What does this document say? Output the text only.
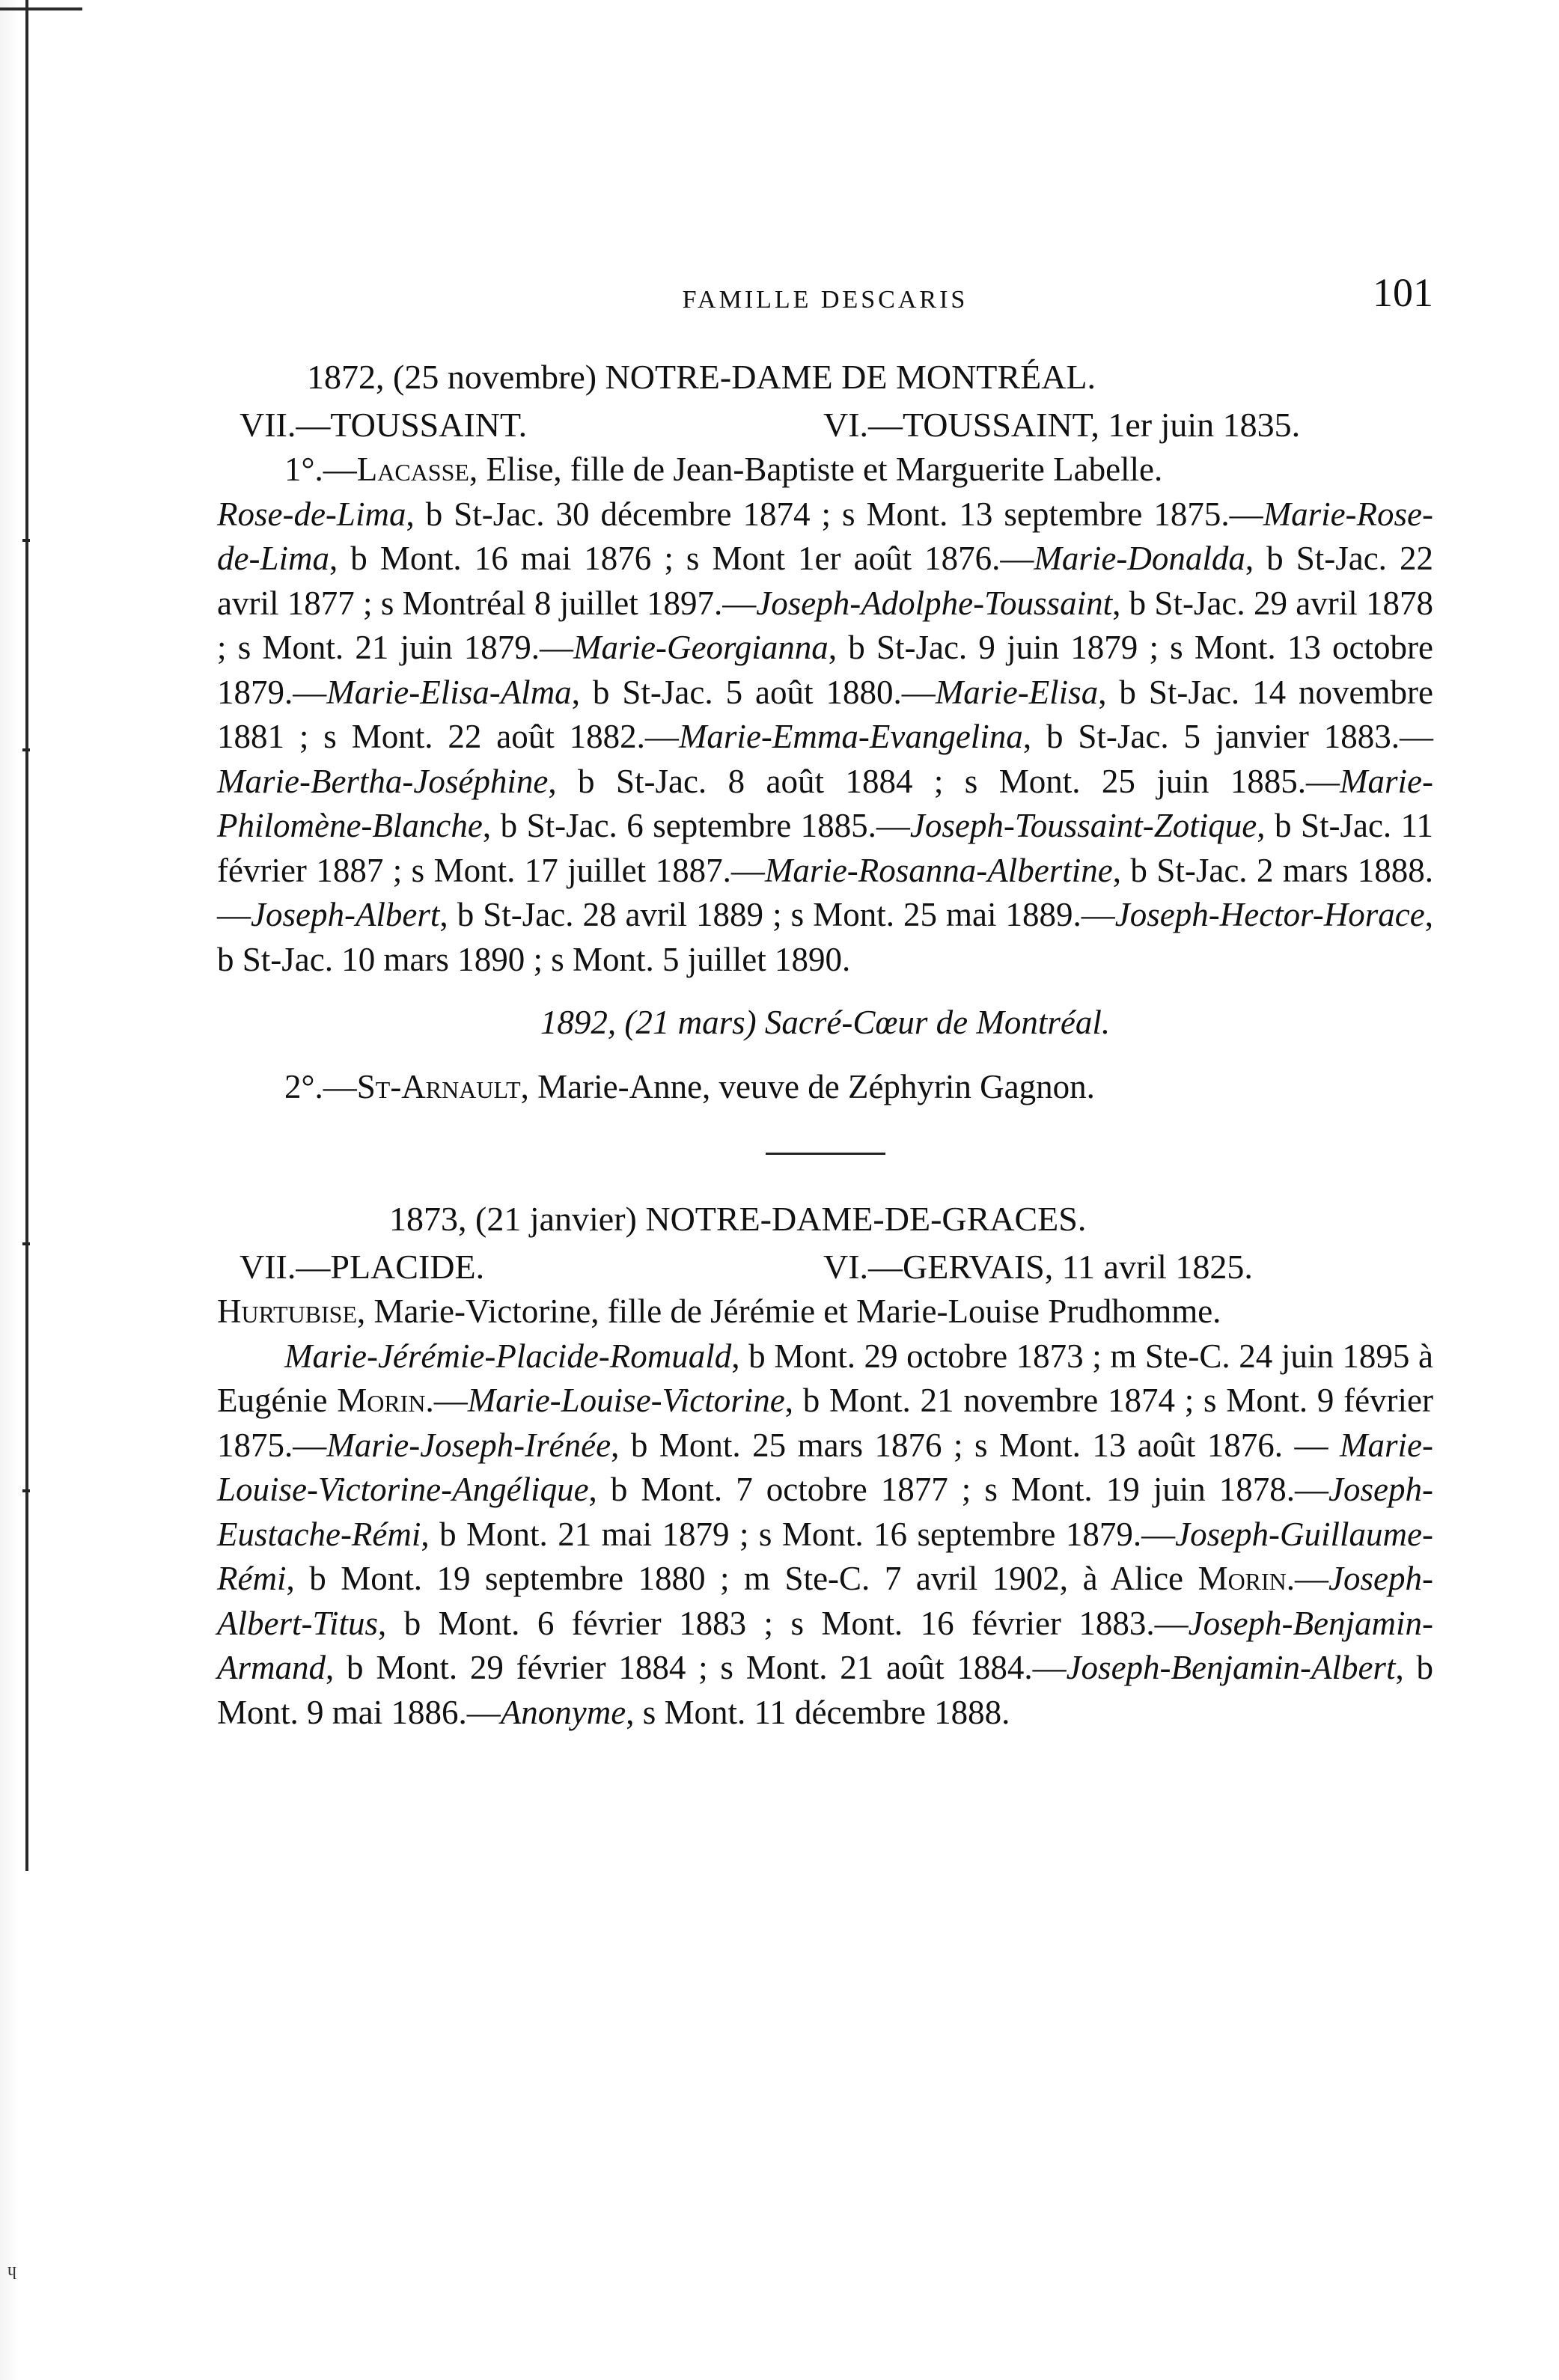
ɥ
FAMILLE DESCARIS	101
1872, (25 novembre) NOTRE-DAME DE MONTRÉAL.
VII.—TOUSSAINT.	VI.—TOUSSAINT, 1er juin 1835.

1°.—Lacasse, Elise, fille de Jean-Baptiste et Marguerite Labelle.
Rose-de-Lima, b St-Jac. 30 décembre 1874 ; s Mont. 13 septembre 1875.—Marie-Rose-de-Lima, b Mont. 16 mai 1876 ; s Mont 1er août 1876.—Marie-Donalda, b St-Jac. 22 avril 1877 ; s Montréal 8 juillet 1897.—Joseph-Adolphe-Toussaint, b St-Jac. 29 avril 1878 ; s Mont. 21 juin 1879.—Marie-Georgianna, b St-Jac. 9 juin 1879 ; s Mont. 13 octobre 1879.—Marie-Elisa-Alma, b St-Jac. 5 août 1880.—Marie-Elisa, b St-Jac. 14 novembre 1881 ; s Mont. 22 août 1882.—Marie-Emma-Evangelina, b St-Jac. 5 janvier 1883.—Marie-Bertha-Joséphine, b St-Jac. 8 août 1884 ; s Mont. 25 juin 1885.—Marie-Philomène-Blanche, b St-Jac. 6 septembre 1885.—Joseph-Toussaint-Zotique, b St-Jac. 11 février 1887 ; s Mont. 17 juillet 1887.—Marie-Rosanna-Albertine, b St-Jac. 2 mars 1888.—Joseph-Albert, b St-Jac. 28 avril 1889 ; s Mont. 25 mai 1889.—Joseph-Hector-Horace, b St-Jac. 10 mars 1890 ; s Mont. 5 juillet 1890.

1892, (21 mars) Sacré-Cœur de Montréal.
2°.—St-Arnault, Marie-Anne, veuve de Zéphyrin Gagnon.
1873, (21 janvier) NOTRE-DAME-DE-GRACES.
VII.—PLACIDE.	VI.—GERVAIS, 11 avril 1825.

Hurtubise, Marie-Victorine, fille de Jérémie et Marie-Louise Prudhomme.

Marie-Jérémie-Placide-Romuald, b Mont. 29 octobre 1873 ; m Ste-C. 24 juin 1895 à Eugénie Morin.—Marie-Louise-Victorine, b Mont. 21 novembre 1874 ; s Mont. 9 février 1875.—Marie-Joseph-Irénée, b Mont. 25 mars 1876 ; s Mont. 13 août 1876. — Marie-Louise-Victorine-Angélique, b Mont. 7 octobre 1877 ; s Mont. 19 juin 1878.—Joseph-Eustache-Rémi, b Mont. 21 mai 1879 ; s Mont. 16 septembre 1879.—Joseph-Guillaume-Rémi, b Mont. 19 septembre 1880 ; m Ste-C. 7 avril 1902, à Alice Morin.—Joseph-Albert-Titus, b Mont. 6 février 1883 ; s Mont. 16 février 1883.—Joseph-Benjamin-Armand, b Mont. 29 février 1884 ; s Mont. 21 août 1884.—Joseph-Benjamin-Albert, b Mont. 9 mai 1886.—Anonyme, s Mont. 11 décembre 1888.
